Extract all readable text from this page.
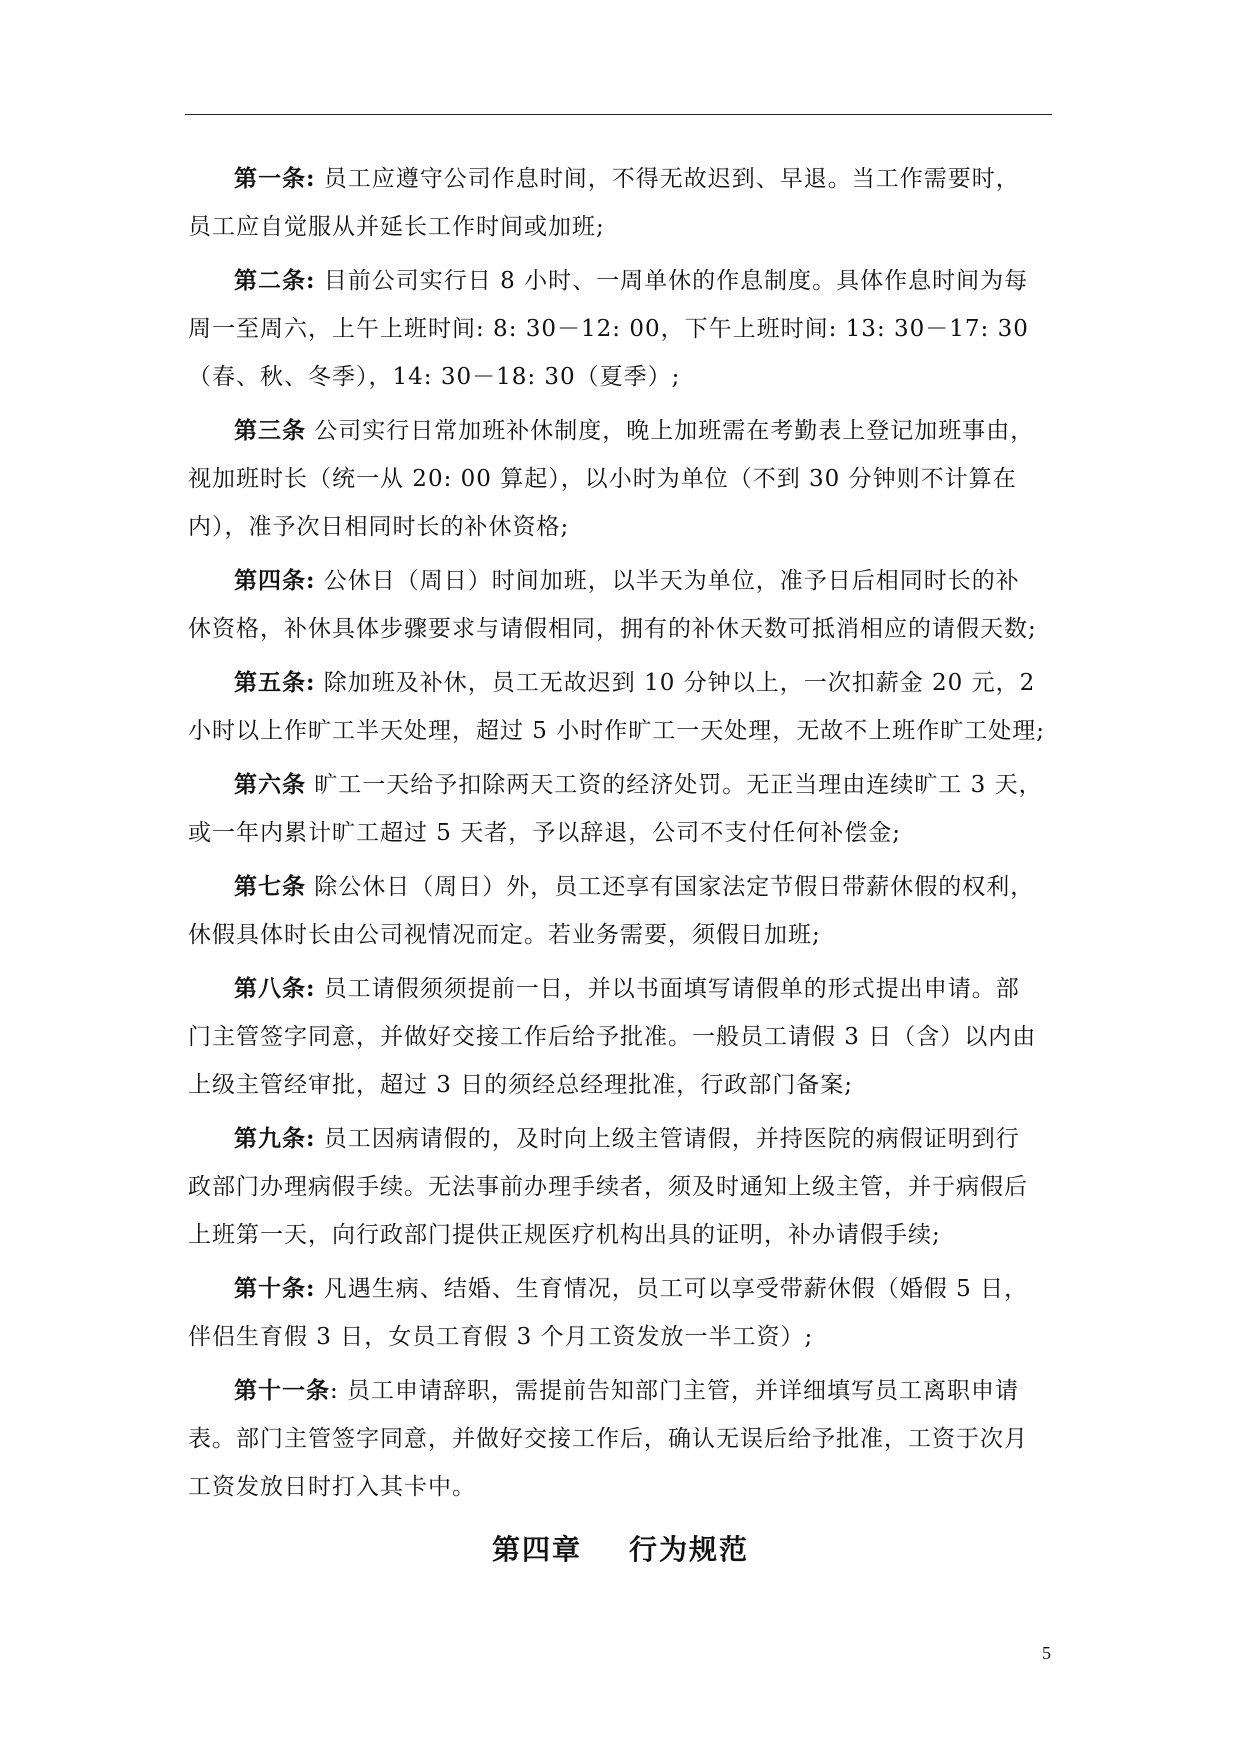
第一条: 员工应遵守公司作息时间，不得无故迟到、早退。当工作需要时，
员工应自觉服从并延长工作时间或加班;

第二条: 目前公司实行日 8 小时、一周单休的作息制度。具体作息时间为每
周一至周六，上午上班时间: 8: 30－12: 00，下午上班时间: 13: 30－17: 30
（春、秋、冬季），14: 30－18: 30（夏季）;

第三条 公司实行日常加班补休制度，晚上加班需在考勤表上登记加班事由，
视加班时长（统一从 20: 00 算起），以小时为单位（不到 30 分钟则不计算在
内），准予次日相同时长的补休资格;

第四条: 公休日（周日）时间加班，以半天为单位，准予日后相同时长的补
休资格，补休具体步骤要求与请假相同，拥有的补休天数可抵消相应的请假天数;

第五条: 除加班及补休，员工无故迟到 10 分钟以上，一次扣薪金 20 元，2
小时以上作旷工半天处理，超过 5 小时作旷工一天处理，无故不上班作旷工处理;

第六条 旷工一天给予扣除两天工资的经济处罚。无正当理由连续旷工 3 天，
或一年内累计旷工超过 5 天者，予以辞退，公司不支付任何补偿金;

第七条 除公休日（周日）外，员工还享有国家法定节假日带薪休假的权利，
休假具体时长由公司视情况而定。若业务需要，须假日加班;

第八条: 员工请假须须提前一日，并以书面填写请假单的形式提出申请。部
门主管签字同意，并做好交接工作后给予批准。一般员工请假 3 日（含）以内由
上级主管经审批，超过 3 日的须经总经理批准，行政部门备案;

第九条: 员工因病请假的，及时向上级主管请假，并持医院的病假证明到行
政部门办理病假手续。无法事前办理手续者，须及时通知上级主管，并于病假后
上班第一天，向行政部门提供正规医疗机构出具的证明，补办请假手续;

第十条: 凡遇生病、结婚、生育情况，员工可以享受带薪休假（婚假 5 日，
伴侣生育假 3 日，女员工育假 3 个月工资发放一半工资）;

第十一条: 员工申请辞职，需提前告知部门主管，并详细填写员工离职申请
表。部门主管签字同意，并做好交接工作后，确认无误后给予批准，工资于次月
工资发放日时打入其卡中。

第四章 行为规范
5
